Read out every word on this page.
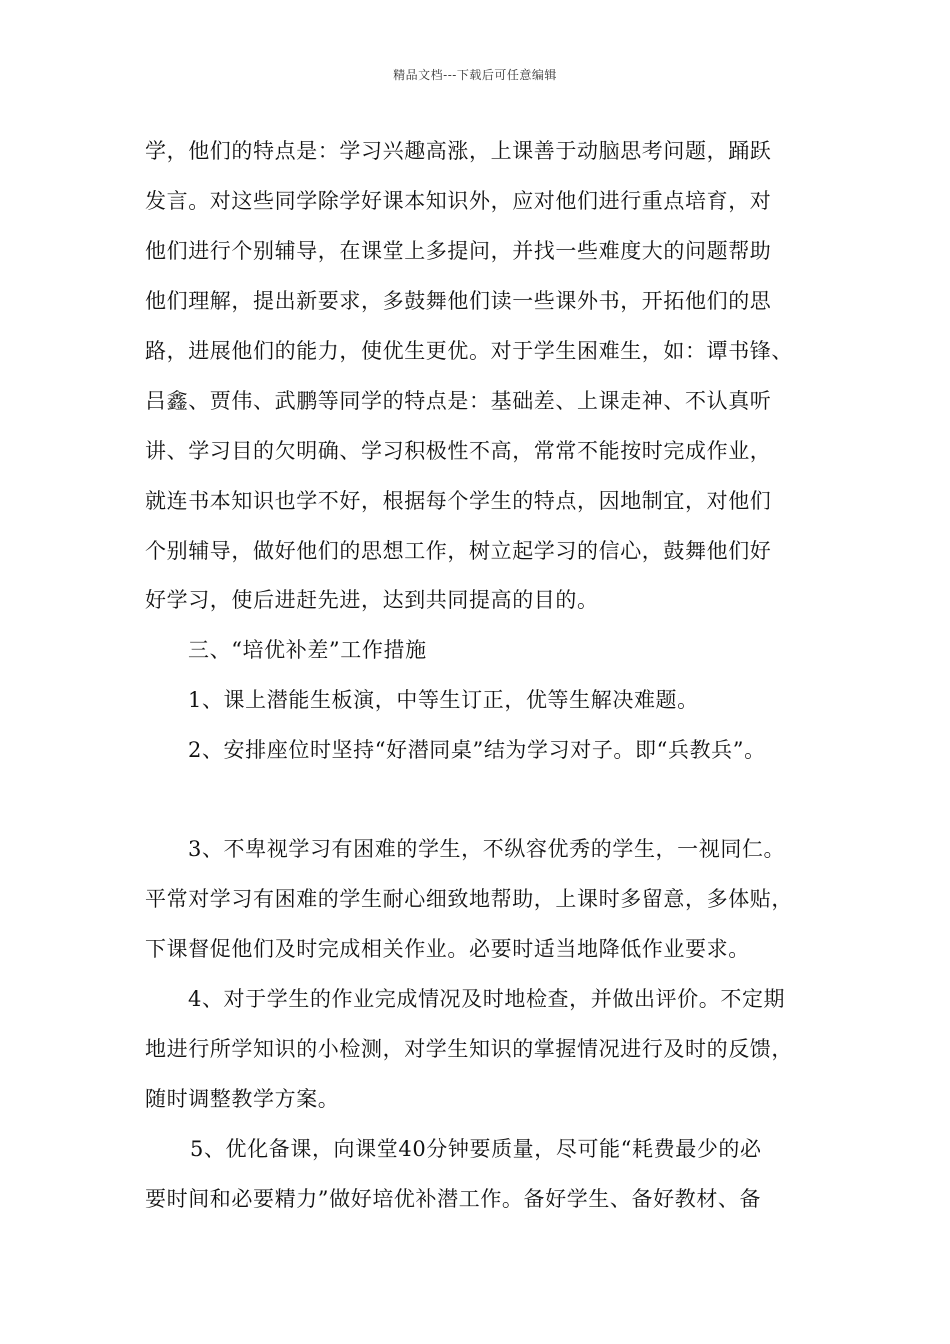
精品文档---下载后可任意编辑
学，他们的特点是：学习兴趣高涨，上课善于动脑思考问题，踊跃
发言。对这些同学除学好课本知识外，应对他们进行重点培育，对
他们进行个别辅导，在课堂上多提问，并找一些难度大的问题帮助
他们理解，提出新要求，多鼓舞他们读一些课外书，开拓他们的思
路，进展他们的能力，使优生更优。对于学生困难生，如：谭书锋、
吕鑫、贾伟、武鹏等同学的特点是：基础差、上课走神、不认真听
讲、学习目的欠明确、学习积极性不高，常常不能按时完成作业，
就连书本知识也学不好，根据每个学生的特点，因地制宜，对他们
个别辅导，做好他们的思想工作，树立起学习的信心，鼓舞他们好
好学习，使后进赶先进，达到共同提高的目的。
三、“培优补差”工作措施
1、课上潜能生板演，中等生订正，优等生解决难题。
2、安排座位时坚持“好潜同桌”结为学习对子。即“兵教兵”。
3、不卑视学习有困难的学生，不纵容优秀的学生，一视同仁。
平常对学习有困难的学生耐心细致地帮助，上课时多留意，多体贴，
下课督促他们及时完成相关作业。必要时适当地降低作业要求。
4、对于学生的作业完成情况及时地检查，并做出评价。不定期
地进行所学知识的小检测，对学生知识的掌握情况进行及时的反馈，
随时调整教学方案。
5、优化备课，向课堂40分钟要质量，尽可能“耗费最少的必
要时间和必要精力”做好培优补潜工作。备好学生、备好教材、备
